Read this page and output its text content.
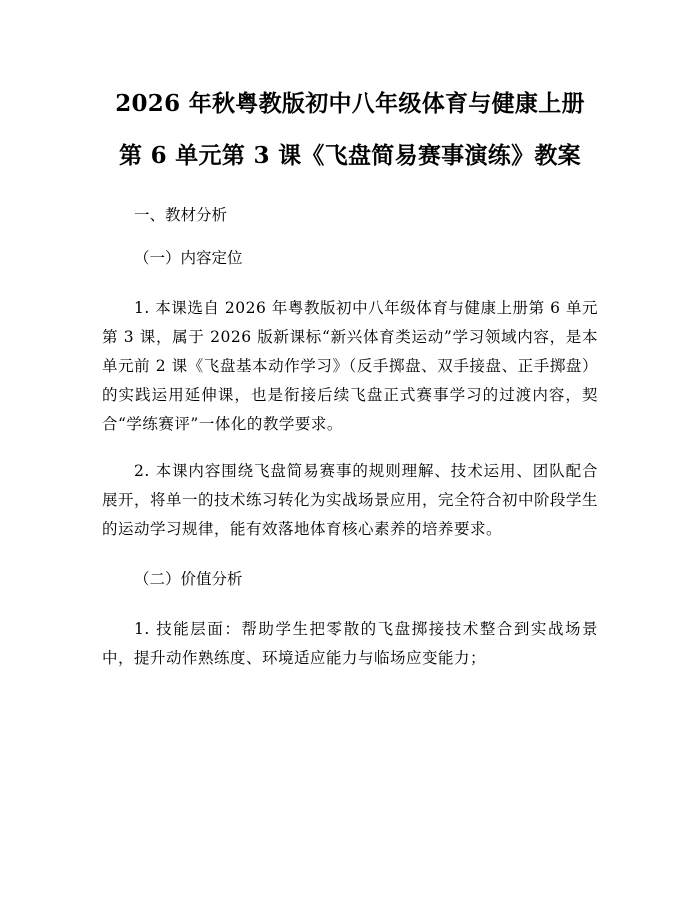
2026 年秋粤教版初中八年级体育与健康上册
第 6 单元第 3 课《飞盘简易赛事演练》教案
一、教材分析
（一）内容定位

1. 本课选自 2026 年粤教版初中八年级体育与健康上册第 6 单元第 3 课，属于 2026 版新课标“新兴体育类运动”学习领域内容，是本单元前 2 课《飞盘基本动作学习》（反手掷盘、双手接盘、正手掷盘）的实践运用延伸课，也是衔接后续飞盘正式赛事学习的过渡内容，契合“学练赛评”一体化的教学要求。

2. 本课内容围绕飞盘简易赛事的规则理解、技术运用、团队配合展开，将单一的技术练习转化为实战场景应用，完全符合初中阶段学生的运动学习规律，能有效落地体育核心素养的培养要求。

（二）价值分析

1. 技能层面：帮助学生把零散的飞盘掷接技术整合到实战场景中，提升动作熟练度、环境适应能力与临场应变能力；
